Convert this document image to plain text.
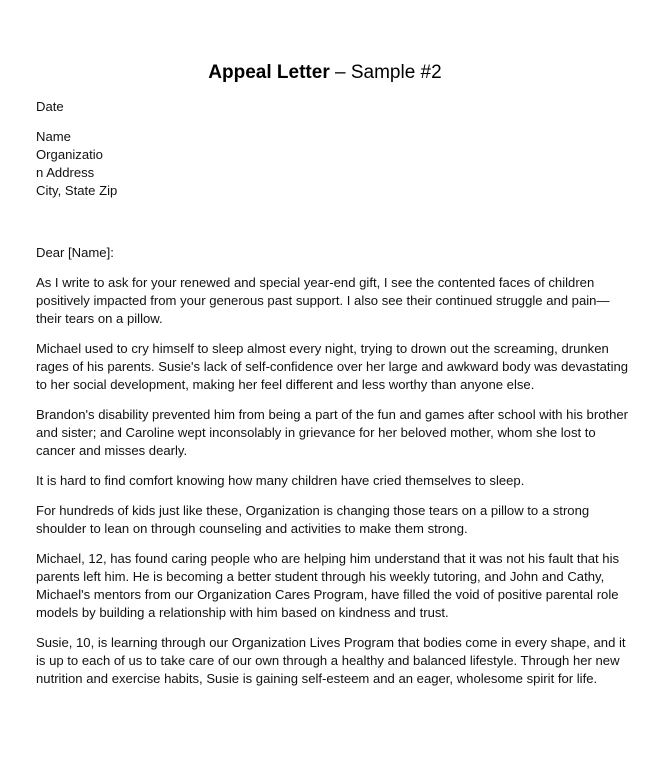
Appeal Letter – Sample #2
Date
Name
Organizatio
n Address
City, State Zip
Dear [Name]:

As I write to ask for your renewed and special year-end gift, I see the contented faces of children positively impacted from your generous past support. I also see their continued struggle and pain—their tears on a pillow.

Michael used to cry himself to sleep almost every night, trying to drown out the screaming, drunken rages of his parents. Susie's lack of self-confidence over her large and awkward body was devastating to her social development, making her feel different and less worthy than anyone else.

Brandon's disability prevented him from being a part of the fun and games after school with his brother and sister; and Caroline wept inconsolably in grievance for her beloved mother, whom she lost to cancer and misses dearly.

It is hard to find comfort knowing how many children have cried themselves to sleep.

For hundreds of kids just like these, Organization is changing those tears on a pillow to a strong shoulder to lean on through counseling and activities to make them strong.

Michael, 12, has found caring people who are helping him understand that it was not his fault that his parents left him. He is becoming a better student through his weekly tutoring, and John and Cathy, Michael's mentors from our Organization Cares Program, have filled the void of positive parental role models by building a relationship with him based on kindness and trust.

Susie, 10, is learning through our Organization Lives Program that bodies come in every shape, and it is up to each of us to take care of our own through a healthy and balanced lifestyle. Through her new nutrition and exercise habits, Susie is gaining self-esteem and an eager, wholesome spirit for life.
